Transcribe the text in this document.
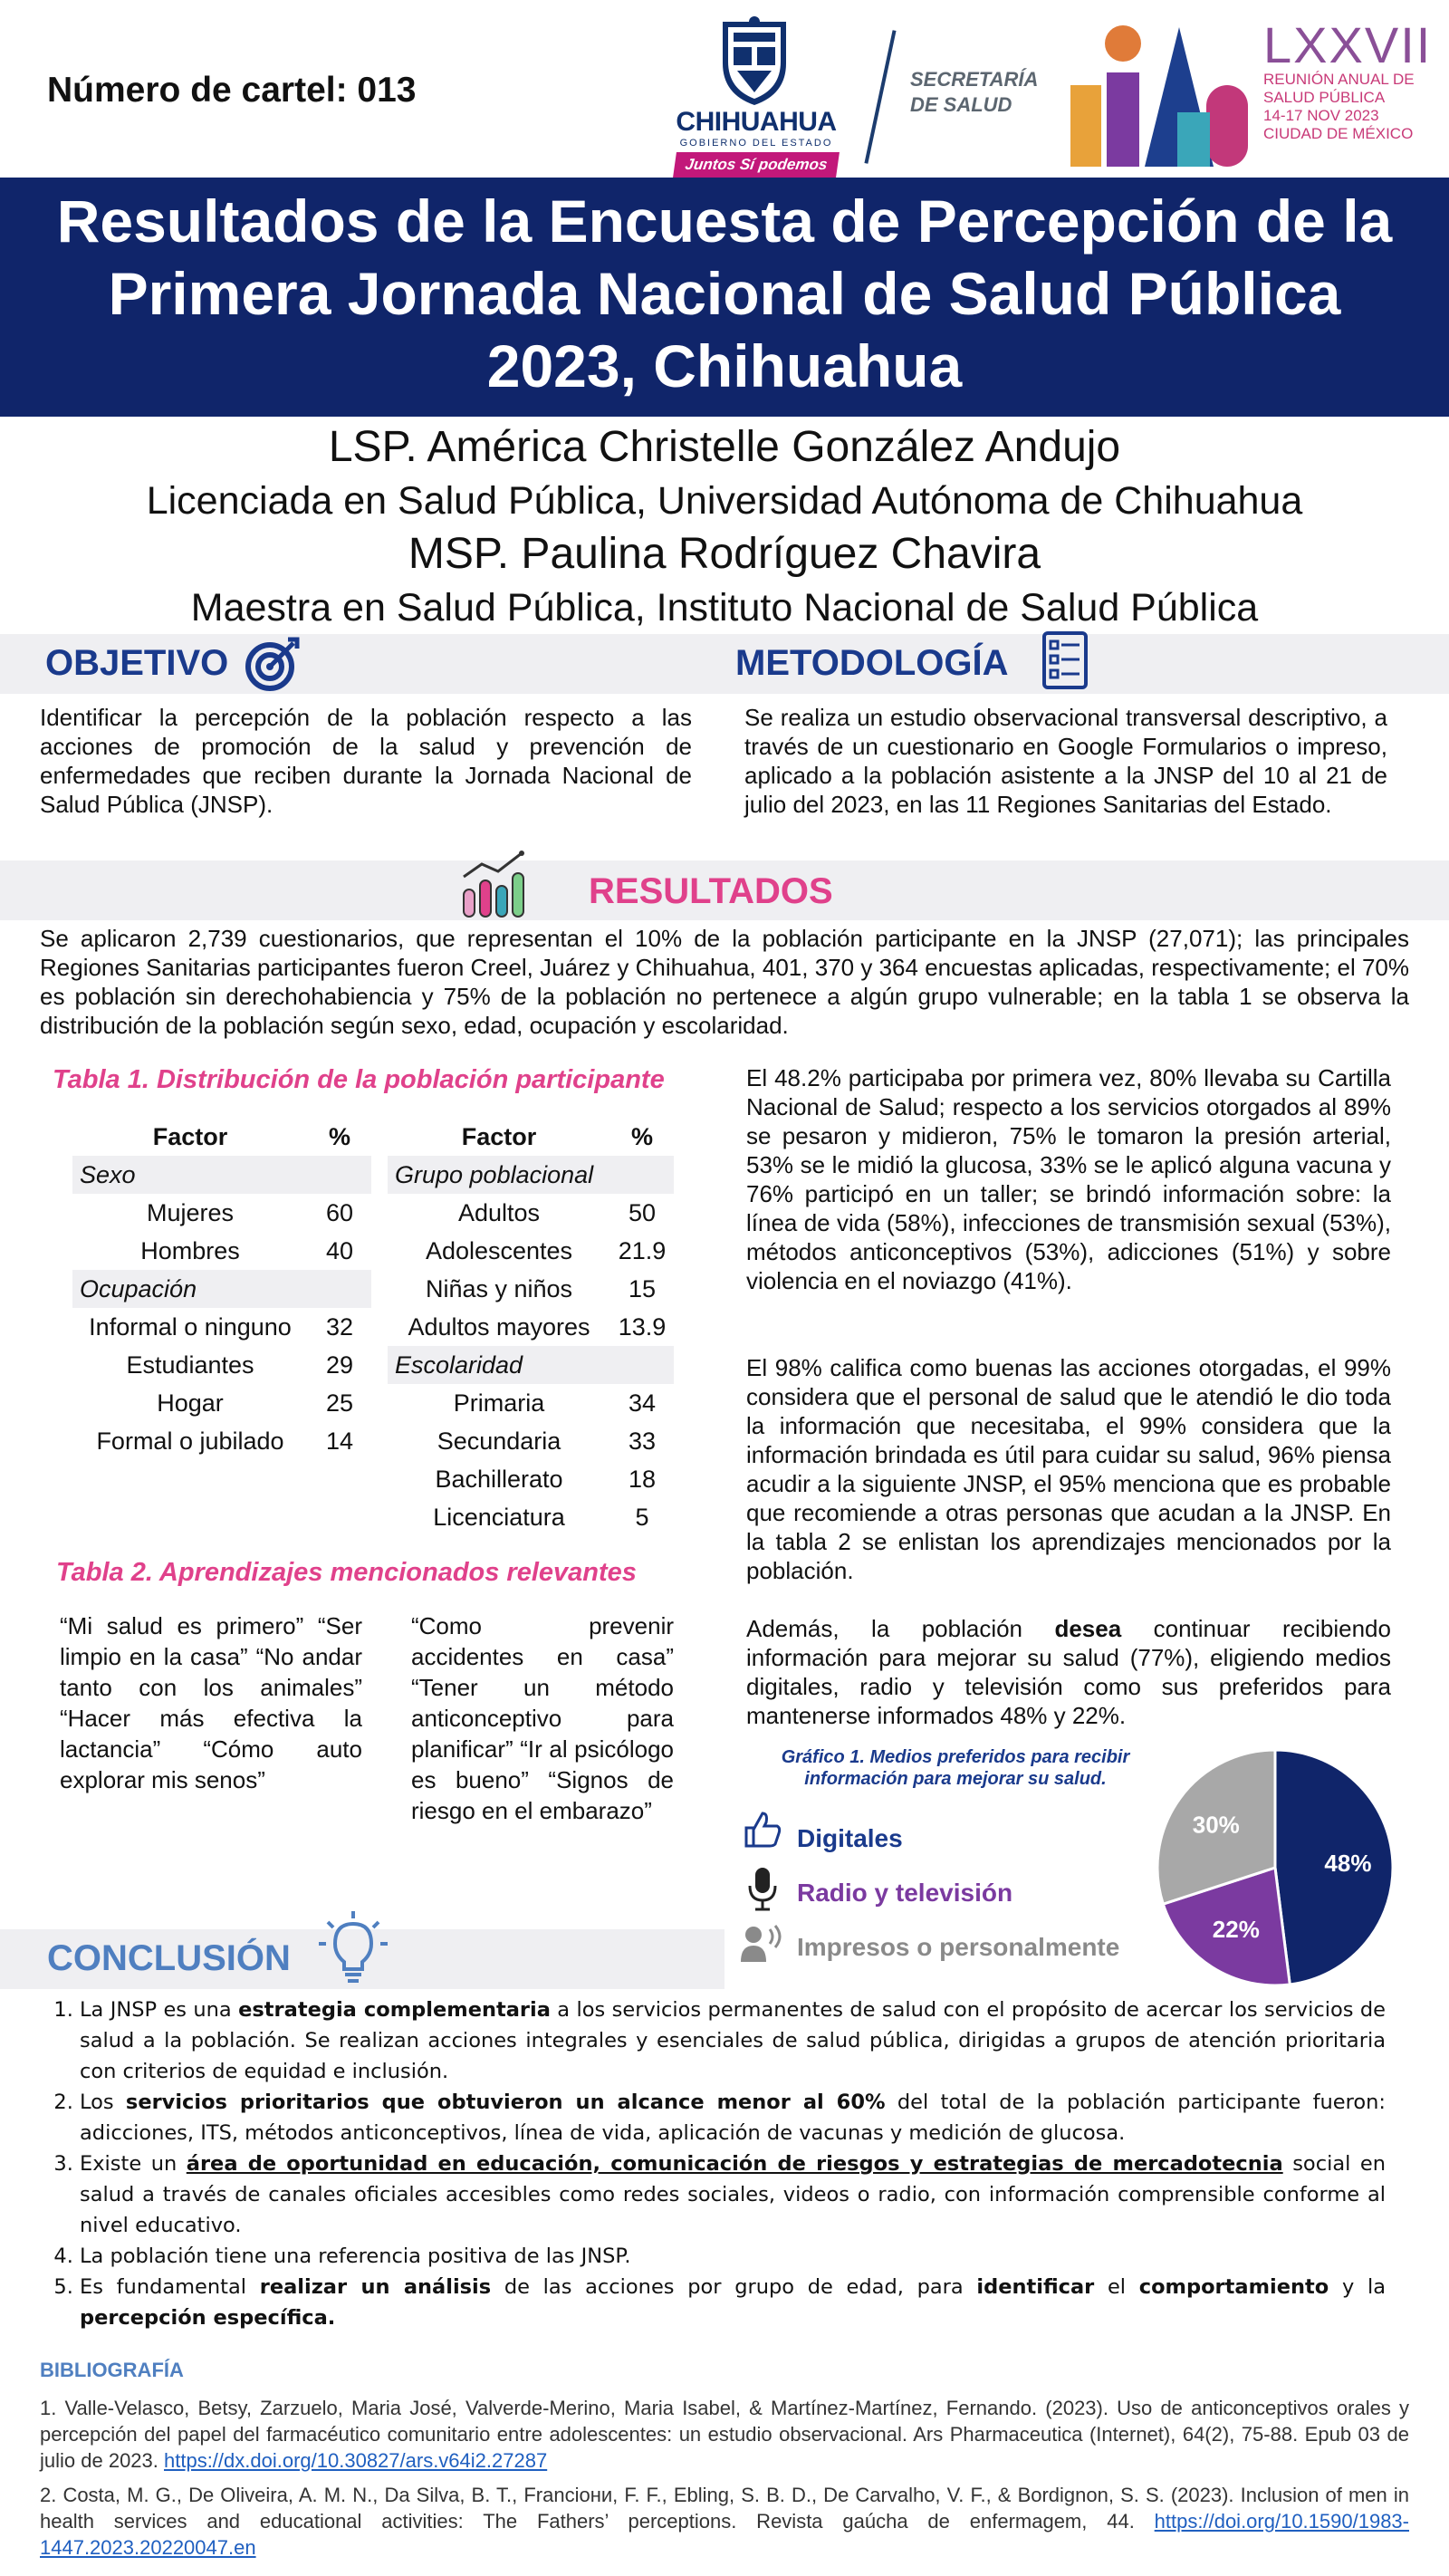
Número de cartel: 013
CHIHUAHUA
GOBIERNO DEL ESTADO
Juntos Sí podemos
SECRETARÍA
DE SALUD
LXXVII
REUNIÓN ANUAL DE
SALUD PÚBLICA
14-17 NOV 2023
CIUDAD DE MÉXICO
Resultados de la Encuesta de Percepción de la Primera Jornada Nacional de Salud Pública 2023, Chihuahua
LSP. América Christelle González Andujo
Licenciada en Salud Pública, Universidad Autónoma de Chihuahua
MSP. Paulina Rodríguez Chavira
Maestra en Salud Pública, Instituto Nacional de Salud Pública
OBJETIVO	METODOLOGÍA
Identificar la percepción de la población respecto a las acciones de promoción de la salud y prevención de enfermedades que reciben durante la Jornada Nacional de Salud Pública (JNSP).
Se realiza un estudio observacional transversal descriptivo, a través de un cuestionario en Google Formularios o impreso, aplicado a la población asistente a la JNSP del 10 al 21 de julio del 2023, en las 11 Regiones Sanitarias del Estado.
RESULTADOS
Se aplicaron 2,739 cuestionarios, que representan el 10% de la población participante en la JNSP (27,071); las principales Regiones Sanitarias participantes fueron Creel, Juárez y Chihuahua, 401, 370 y 364 encuestas aplicadas, respectivamente; el 70% es población sin derechohabiencia y 75% de la población no pertenece a algún grupo vulnerable; en la tabla 1 se observa la distribución de la población según sexo, edad, ocupación y escolaridad.
Tabla 1. Distribución de la población participante
Factor	%
Sexo	
Mujeres	60
Hombres	40
Ocupación	
Informal o ninguno	32
Estudiantes	29
Hogar	25
Formal o jubilado	14
Factor	%
Grupo poblacional	
Adultos	50
Adolescentes	21.9
Niñas y niños	15
Adultos mayores	13.9
Escolaridad	
Primaria	34
Secundaria	33
Bachillerato	18
Licenciatura	5
Tabla 2. Aprendizajes mencionados relevantes
“Mi salud es primero” “Ser limpio en la casa” “No andar tanto con los animales” “Hacer más efectiva la lactancia” “Cómo auto explorar mis senos”
“Como prevenir accidentes en casa” “Tener un método anticonceptivo para planificar” “Ir al psicólogo es bueno” “Signos de riesgo en el embarazo”
El 48.2% participaba por primera vez, 80% llevaba su Cartilla Nacional de Salud; respecto a los servicios otorgados al 89% se pesaron y midieron, 75% le tomaron la presión arterial, 53% se le midió la glucosa, 33% se le aplicó alguna vacuna y 76% participó en un taller; se brindó información sobre: la línea de vida (58%), infecciones de transmisión sexual (53%), métodos anticonceptivos (53%), adicciones (51%) y sobre violencia en el noviazgo (41%).
El 98% califica como buenas las acciones otorgadas, el 99% considera que el personal de salud que le atendió le dio toda la información que necesitaba, el 99% considera que la información brindada es útil para cuidar su salud, 96% piensa acudir a la siguiente JNSP, el 95% menciona que es probable que recomiende a otras personas que acudan a la JNSP. En la tabla 2 se enlistan los aprendizajes mencionados por la población.
Además, la población desea continuar recibiendo información para mejorar su salud (77%), eligiendo medios digitales, radio y televisión como sus preferidos para mantenerse informados 48% y 22%.
Gráfico 1. Medios preferidos para recibir información para mejorar su salud.
Digitales
Radio y televisión
Impresos o personalmente
48%
22%
30%
CONCLUSIÓN
1. La JNSP es una estrategia complementaria a los servicios permanentes de salud con el propósito de acercar los servicios de salud a la población. Se realizan acciones integrales y esenciales de salud pública, dirigidas a grupos de atención prioritaria con criterios de equidad e inclusión.
2. Los servicios prioritarios que obtuvieron un alcance menor al 60% del total de la población participante fueron: adicciones, ITS, métodos anticonceptivos, línea de vida, aplicación de vacunas y medición de glucosa.
3. Existe un área de oportunidad en educación, comunicación de riesgos y estrategias de mercadotecnia social en salud a través de canales oficiales accesibles como redes sociales, videos o radio, con información comprensible conforme al nivel educativo.
4. La población tiene una referencia positiva de las JNSP.
5. Es fundamental realizar un análisis de las acciones por grupo de edad, para identificar el comportamiento y la percepción específica.
BIBLIOGRAFÍA
1. Valle-Velasco, Betsy, Zarzuelo, Maria José, Valverde-Merino, Maria Isabel, & Martínez-Martínez, Fernando. (2023). Uso de anticonceptivos orales y percepción del papel del farmacéutico comunitario entre adolescentes: un estudio observacional. Ars Pharmaceutica (Internet), 64(2), 75-88. Epub 03 de julio de 2023. https://dx.doi.org/10.30827/ars.v64i2.27287
2. Costa, M. G., De Oliveira, A. M. N., Da Silva, B. T., Franciони, F. F., Ebling, S. B. D., De Carvalho, V. F., & Bordignon, S. S. (2023). Inclusion of men in health services and educational activities: The Fathers’ perceptions. Revista gaúcha de enfermagem, 44. https://doi.org/10.1590/1983-1447.2023.20220047.en
